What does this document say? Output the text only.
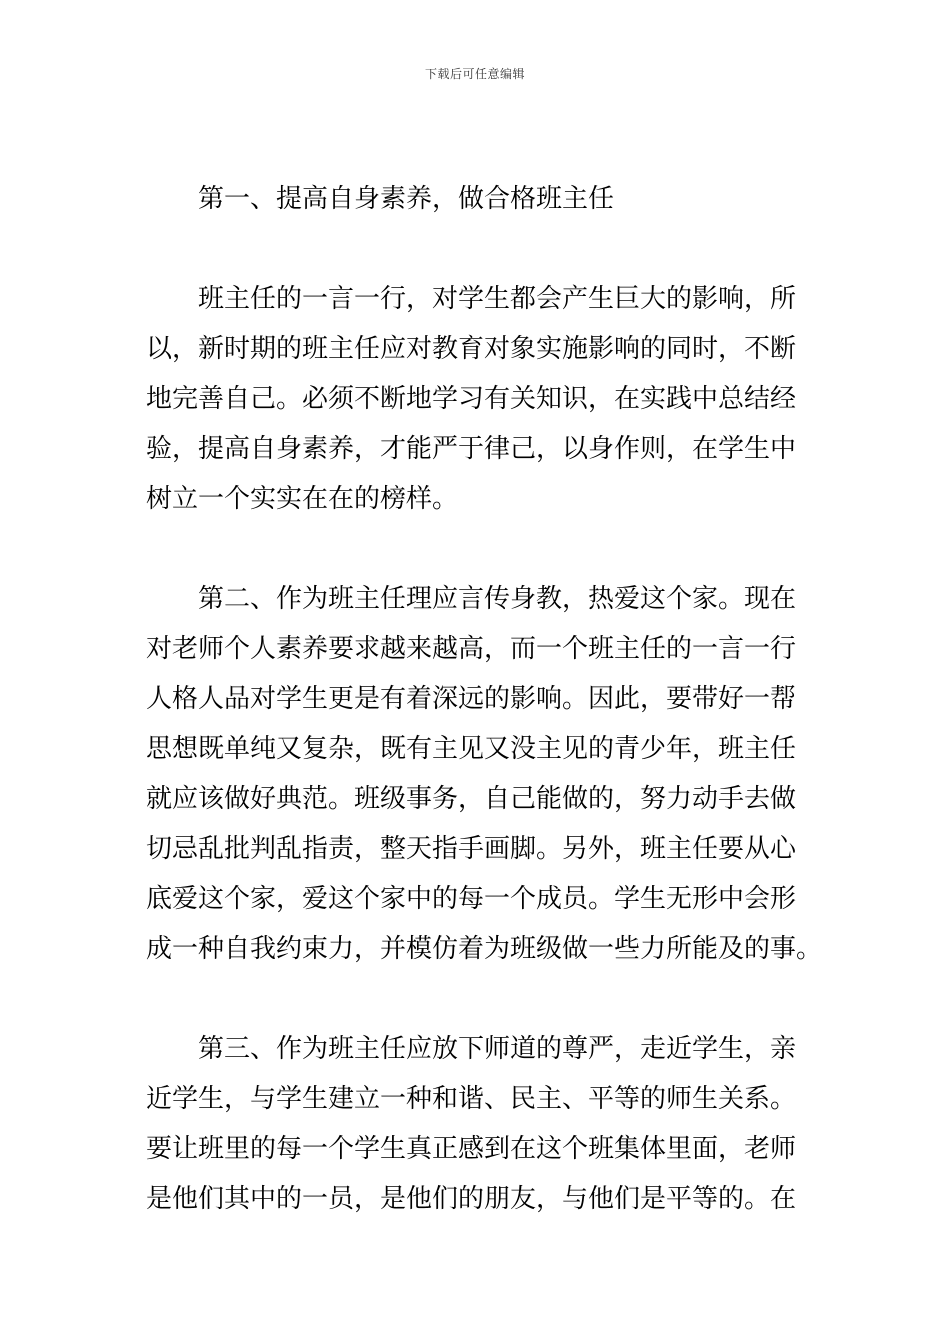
下载后可任意编辑
第一、提高自身素养，做合格班主任
班主任的一言一行，对学生都会产生巨大的影响，所
以，新时期的班主任应对教育对象实施影响的同时，不断
地完善自己。必须不断地学习有关知识，在实践中总结经
验，提高自身素养，才能严于律己，以身作则，在学生中
树立一个实实在在的榜样。
第二、作为班主任理应言传身教，热爱这个家。现在
对老师个人素养要求越来越高，而一个班主任的一言一行
人格人品对学生更是有着深远的影响。因此，要带好一帮
思想既单纯又复杂，既有主见又没主见的青少年，班主任
就应该做好典范。班级事务，自己能做的，努力动手去做
切忌乱批判乱指责，整天指手画脚。另外，班主任要从心
底爱这个家，爱这个家中的每一个成员。学生无形中会形
成一种自我约束力，并模仿着为班级做一些力所能及的事。
第三、作为班主任应放下师道的尊严，走近学生，亲
近学生，与学生建立一种和谐、民主、平等的师生关系。
要让班里的每一个学生真正感到在这个班集体里面，老师
是他们其中的一员，是他们的朋友，与他们是平等的。在
